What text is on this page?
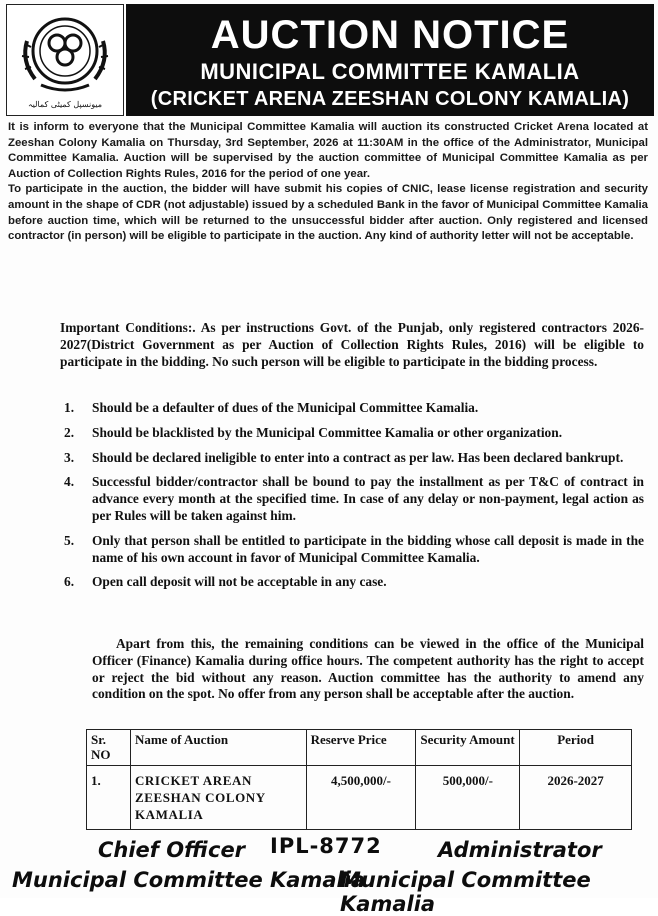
میونسپل کمیٹی کمالیہ
AUCTION NOTICE
MUNICIPAL COMMITTEE KAMALIA
(CRICKET ARENA ZEESHAN COLONY KAMALIA)

It is inform to everyone that the Municipal Committee Kamalia will auction its constructed Cricket Arena located at Zeeshan Colony Kamalia on Thursday, 3rd September, 2026 at 11:30AM in the office of the Administrator, Municipal Committee Kamalia. Auction will be supervised by the auction committee of Municipal Committee Kamalia as per Auction of Collection Rights Rules, 2016 for the period of one year.

To participate in the auction, the bidder will have submit his copies of CNIC, lease license registration and security amount in the shape of CDR (not adjustable) issued by a scheduled Bank in the favor of Municipal Committee Kamalia before auction time, which will be returned to the unsuccessful bidder after auction. Only registered and licensed contractor (in person) will be eligible to participate in the auction. Any kind of authority letter will not be acceptable.

Important Conditions:. As per instructions Govt. of the Punjab, only registered contractors 2026-2027(District Government as per Auction of Collection Rights Rules, 2016) will be eligible to participate in the bidding. No such person will be eligible to participate in the bidding process.

1. Should be a defaulter of dues of the Municipal Committee Kamalia.
2. Should be blacklisted by the Municipal Committee Kamalia or other organization.
3. Should be declared ineligible to enter into a contract as per law. Has been declared bankrupt.
4. Successful bidder/contractor shall be bound to pay the installment as per T&C of contract in advance every month at the specified time. In case of any delay or non-payment, legal action as per Rules will be taken against him.
5. Only that person shall be entitled to participate in the bidding whose call deposit is made in the name of his own account in favor of Municipal Committee Kamalia.
6. Open call deposit will not be acceptable in any case.
Apart from this, the remaining conditions can be viewed in the office of the Municipal Officer (Finance) Kamalia during office hours. The competent authority has the right to accept or reject the bid without any reason. Auction committee has the authority to amend any condition on the spot. No offer from any person shall be acceptable after the auction.
Sr. NO	Name of Auction	Reserve Price	Security Amount	Period
1.	CRICKET AREAN ZEESHAN COLONY KAMALIA	4,500,000/-	500,000/-	2026-2027
Chief Officer IPL-8772	Administrator
Municipal Committee Kamalia
Municipal Committee Kamalia
